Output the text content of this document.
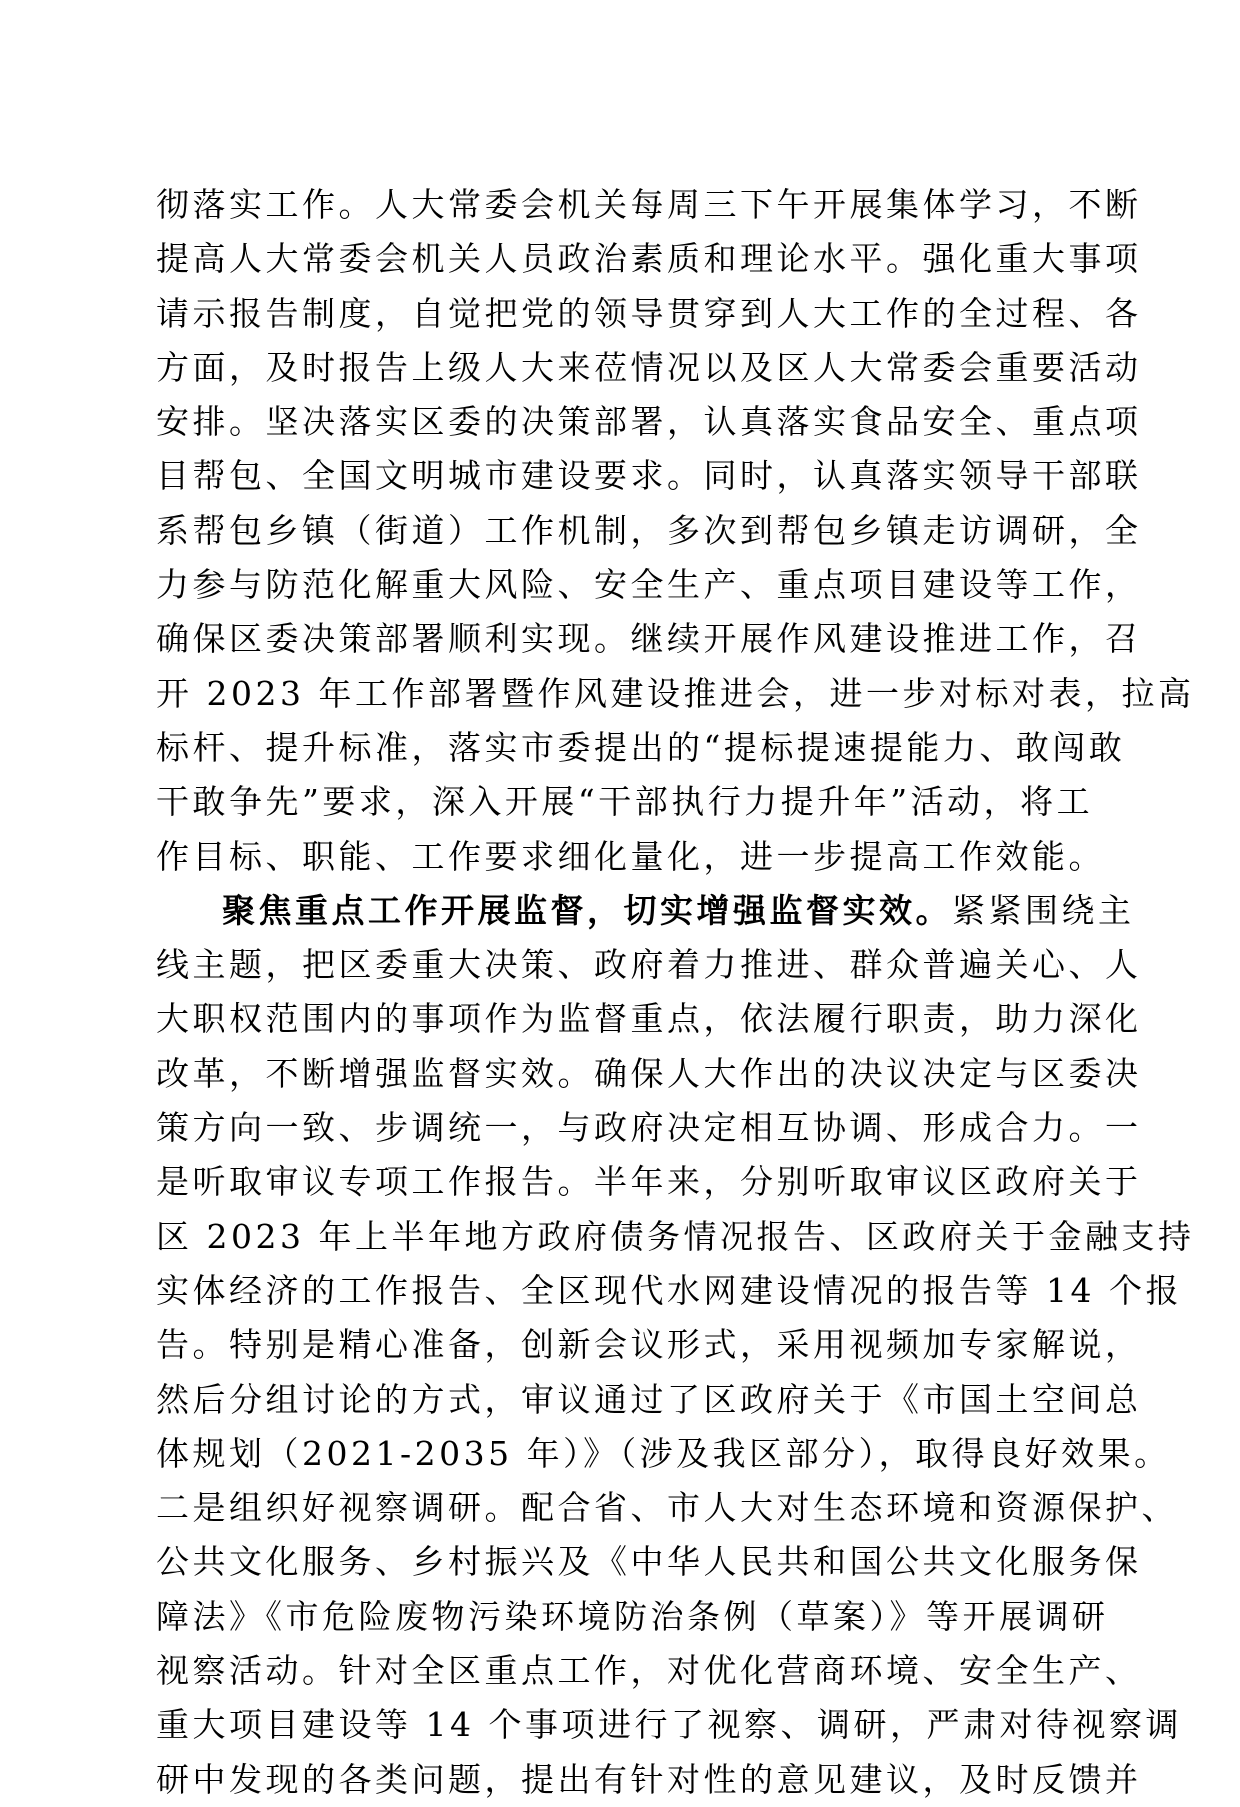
彻落实工作。人大常委会机关每周三下午开展集体学习，不断
提高人大常委会机关人员政治素质和理论水平。强化重大事项
请示报告制度，自觉把党的领导贯穿到人大工作的全过程、各
方面，及时报告上级人大来莅情况以及区人大常委会重要活动
安排。坚决落实区委的决策部署，认真落实食品安全、重点项
目帮包、全国文明城市建设要求。同时，认真落实领导干部联
系帮包乡镇（街道）工作机制，多次到帮包乡镇走访调研，全
力参与防范化解重大风险、安全生产、重点项目建设等工作，
确保区委决策部署顺利实现。继续开展作风建设推进工作，召
开 2023 年工作部署暨作风建设推进会，进一步对标对表，拉高
标杆、提升标准，落实市委提出的“提标提速提能力、敢闯敢
干敢争先”要求，深入开展“干部执行力提升年”活动，将工
作目标、职能、工作要求细化量化，进一步提高工作效能。
聚焦重点工作开展监督，切实增强监督实效。紧紧围绕主
线主题，把区委重大决策、政府着力推进、群众普遍关心、人
大职权范围内的事项作为监督重点，依法履行职责，助力深化
改革，不断增强监督实效。确保人大作出的决议决定与区委决
策方向一致、步调统一，与政府决定相互协调、形成合力。一
是听取审议专项工作报告。半年来，分别听取审议区政府关于
区 2023 年上半年地方政府债务情况报告、区政府关于金融支持
实体经济的工作报告、全区现代水网建设情况的报告等 14 个报
告。特别是精心准备，创新会议形式，采用视频加专家解说，
然后分组讨论的方式，审议通过了区政府关于《市国土空间总
体规划（2021-2035 年）》（涉及我区部分），取得良好效果。
二是组织好视察调研。配合省、市人大对生态环境和资源保护、
公共文化服务、乡村振兴及《中华人民共和国公共文化服务保
障法》《市危险废物污染环境防治条例（草案）》等开展调研
视察活动。针对全区重点工作，对优化营商环境、安全生产、
重大项目建设等 14 个事项进行了视察、调研，严肃对待视察调
研中发现的各类问题，提出有针对性的意见建议，及时反馈并
